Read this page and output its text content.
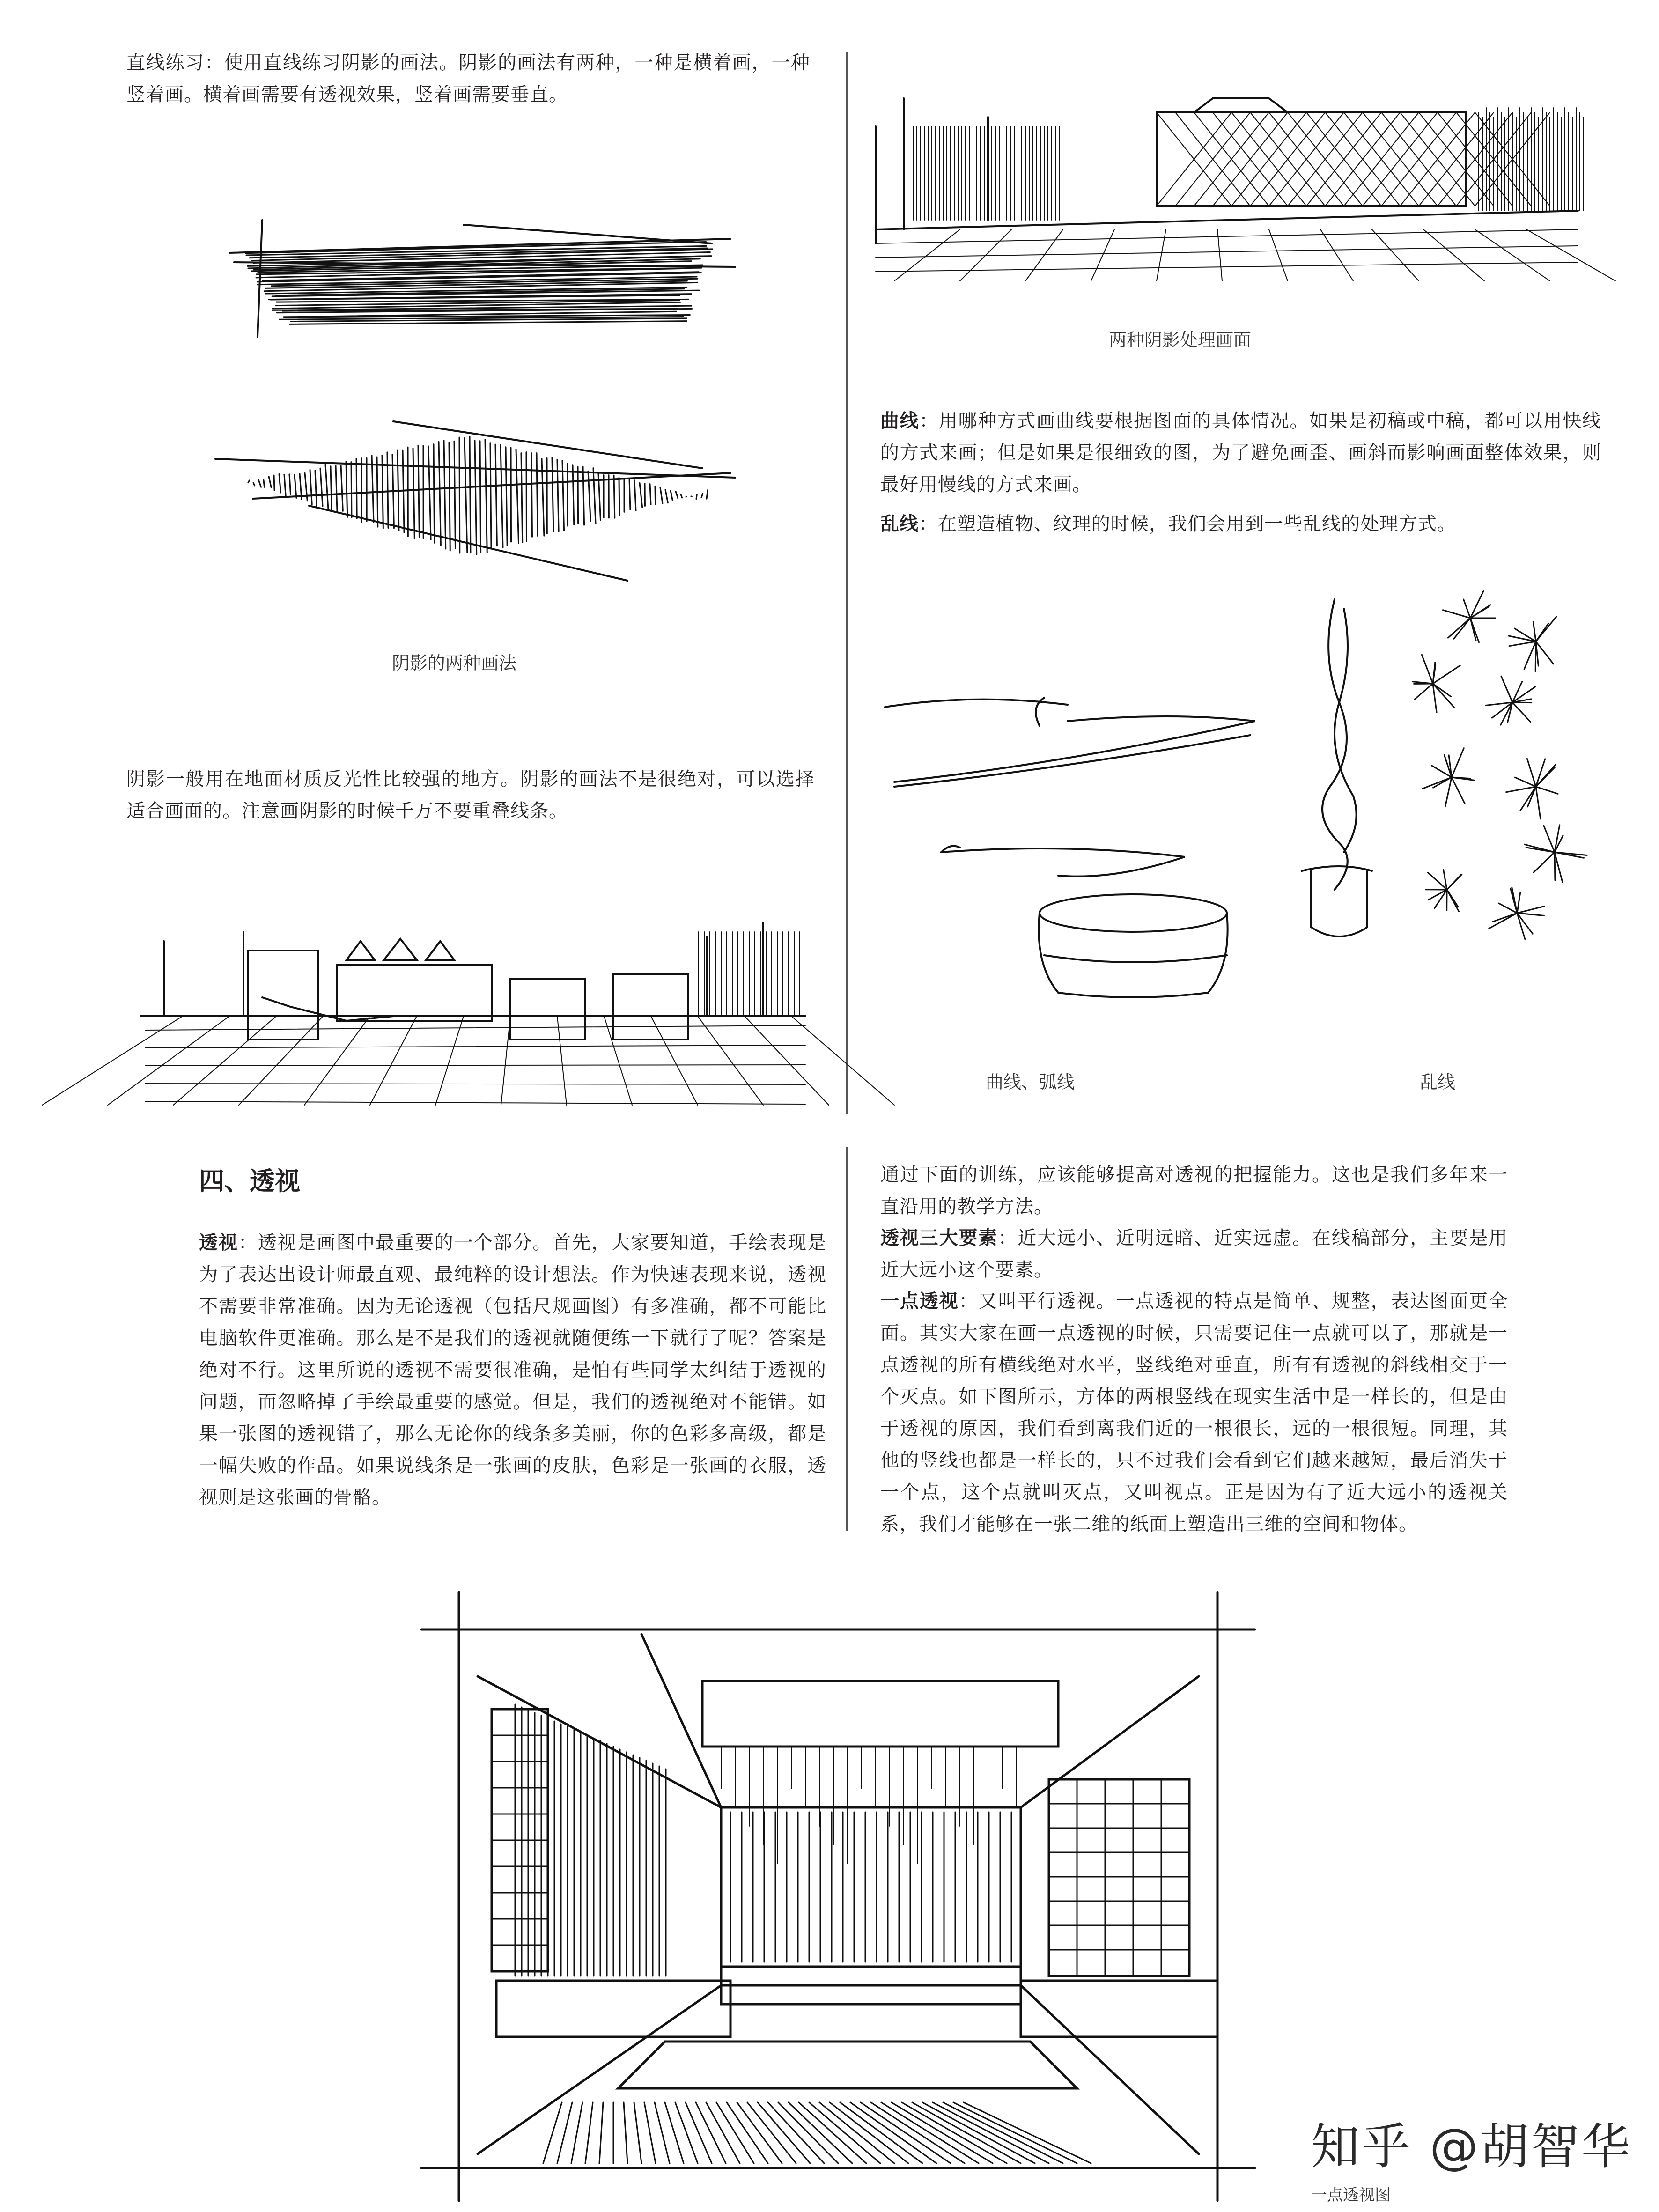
直线练习：使用直线练习阴影的画法。阴影的画法有两种，一种是横着画，一种竖着画。横着画需要有透视效果，竖着画需要垂直。
阴影的两种画法
阴影一般用在地面材质反光性比较强的地方。阴影的画法不是很绝对，可以选择适合画面的。注意画阴影的时候千万不要重叠线条。
两种阴影处理画面
曲线：用哪种方式画曲线要根据图面的具体情况。如果是初稿或中稿，都可以用快线的方式来画；但是如果是很细致的图，为了避免画歪、画斜而影响画面整体效果，则最好用慢线的方式来画。
乱线：在塑造植物、纹理的时候，我们会用到一些乱线的处理方式。
曲线、弧线	乱线
四、透视
透视：透视是画图中最重要的一个部分。首先，大家要知道，手绘表现是为了表达出设计师最直观、最纯粹的设计想法。作为快速表现来说，透视不需要非常准确。因为无论透视（包括尺规画图）有多准确，都不可能比电脑软件更准确。那么是不是我们的透视就随便练一下就行了呢？答案是绝对不行。这里所说的透视不需要很准确，是怕有些同学太纠结于透视的问题，而忽略掉了手绘最重要的感觉。但是，我们的透视绝对不能错。如果一张图的透视错了，那么无论你的线条多美丽，你的色彩多高级，都是一幅失败的作品。如果说线条是一张画的皮肤，色彩是一张画的衣服，透视则是这张画的骨骼。
通过下面的训练，应该能够提高对透视的把握能力。这也是我们多年来一直沿用的教学方法。
透视三大要素：近大远小、近明远暗、近实远虚。在线稿部分，主要是用近大远小这个要素。
一点透视：又叫平行透视。一点透视的特点是简单、规整，表达图面更全面。其实大家在画一点透视的时候，只需要记住一点就可以了，那就是一点透视的所有横线绝对水平，竖线绝对垂直，所有有透视的斜线相交于一个灭点。如下图所示，方体的两根竖线在现实生活中是一样长的，但是由于透视的原因，我们看到离我们近的一根很长，远的一根很短。同理，其他的竖线也都是一样长的，只不过我们会看到它们越来越短，最后消失于一个点，这个点就叫灭点，又叫视点。正是因为有了近大远小的透视关系，我们才能够在一张二维的纸面上塑造出三维的空间和物体。
一点透视图
知乎 @胡智华
